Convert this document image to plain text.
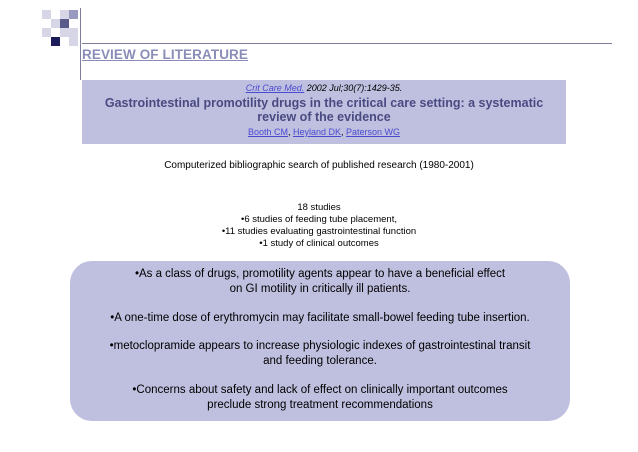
REVIEW OF LITERATURE
Crit Care Med. 2002 Jul;30(7):1429-35.
Gastrointestinal promotility drugs in the critical care setting: a systematic review of the evidence
Booth CM, Heyland DK, Paterson WG
Computerized bibliographic search of published research (1980-2001)
18 studies
•6 studies of feeding tube placement,
•11 studies evaluating gastrointestinal function
•1 study of clinical outcomes

•As a class of drugs, promotility agents appear to have a beneficial effect

on GI motility in critically ill patients.

•A one-time dose of erythromycin may facilitate small-bowel feeding tube insertion.

•metoclopramide appears to increase physiologic indexes of gastrointestinal transit

and feeding tolerance.

•Concerns about safety and lack of effect on clinically important outcomes

preclude strong treatment recommendations
